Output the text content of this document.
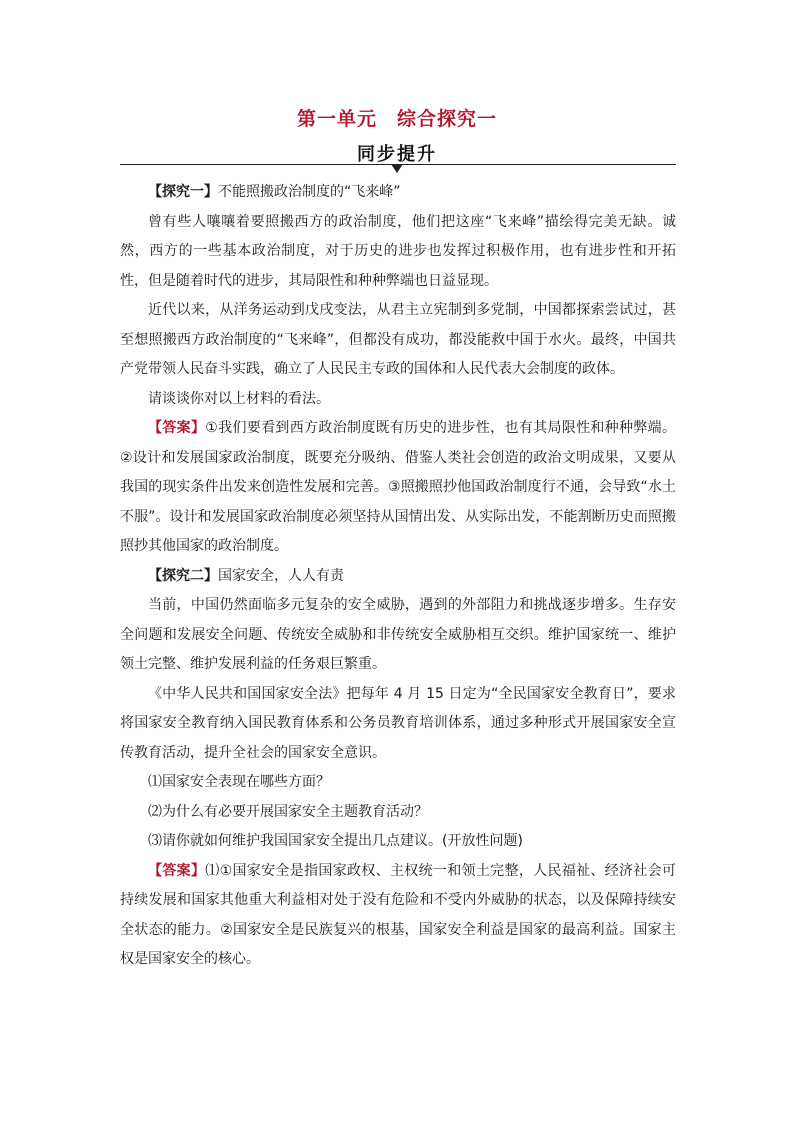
第一单元　综合探究一
同步提升

【探究一】不能照搬政治制度的“飞来峰”

曾有些人嚷嚷着要照搬西方的政治制度，他们把这座“飞来峰”描绘得完美无缺。诚然，西方的一些基本政治制度，对于历史的进步也发挥过积极作用，也有进步性和开拓性，但是随着时代的进步，其局限性和种种弊端也日益显现。

近代以来，从洋务运动到戊戌变法，从君主立宪制到多党制，中国都探索尝试过，甚至想照搬西方政治制度的“飞来峰”，但都没有成功，都没能救中国于水火。最终，中国共产党带领人民奋斗实践，确立了人民民主专政的国体和人民代表大会制度的政体。

请谈谈你对以上材料的看法。

【答案】①我们要看到西方政治制度既有历史的进步性，也有其局限性和种种弊端。②设计和发展国家政治制度，既要充分吸纳、借鉴人类社会创造的政治文明成果，又要从我国的现实条件出发来创造性发展和完善。③照搬照抄他国政治制度行不通，会导致“水土不服”。设计和发展国家政治制度必须坚持从国情出发、从实际出发，不能割断历史而照搬照抄其他国家的政治制度。

【探究二】国家安全，人人有责

当前，中国仍然面临多元复杂的安全威胁，遇到的外部阻力和挑战逐步增多。生存安全问题和发展安全问题、传统安全威胁和非传统安全威胁相互交织。维护国家统一、维护领土完整、维护发展利益的任务艰巨繁重。

《中华人民共和国国家安全法》把每年 4 月 15 日定为“全民国家安全教育日”，要求将国家安全教育纳入国民教育体系和公务员教育培训体系，通过多种形式开展国家安全宣传教育活动，提升全社会的国家安全意识。

⑴国家安全表现在哪些方面？

⑵为什么有必要开展国家安全主题教育活动？

⑶请你就如何维护我国国家安全提出几点建议。(开放性问题)

【答案】⑴①国家安全是指国家政权、主权统一和领土完整，人民福祉、经济社会可持续发展和国家其他重大利益相对处于没有危险和不受内外威胁的状态，以及保障持续安全状态的能力。②国家安全是民族复兴的根基，国家安全利益是国家的最高利益。国家主权是国家安全的核心。
